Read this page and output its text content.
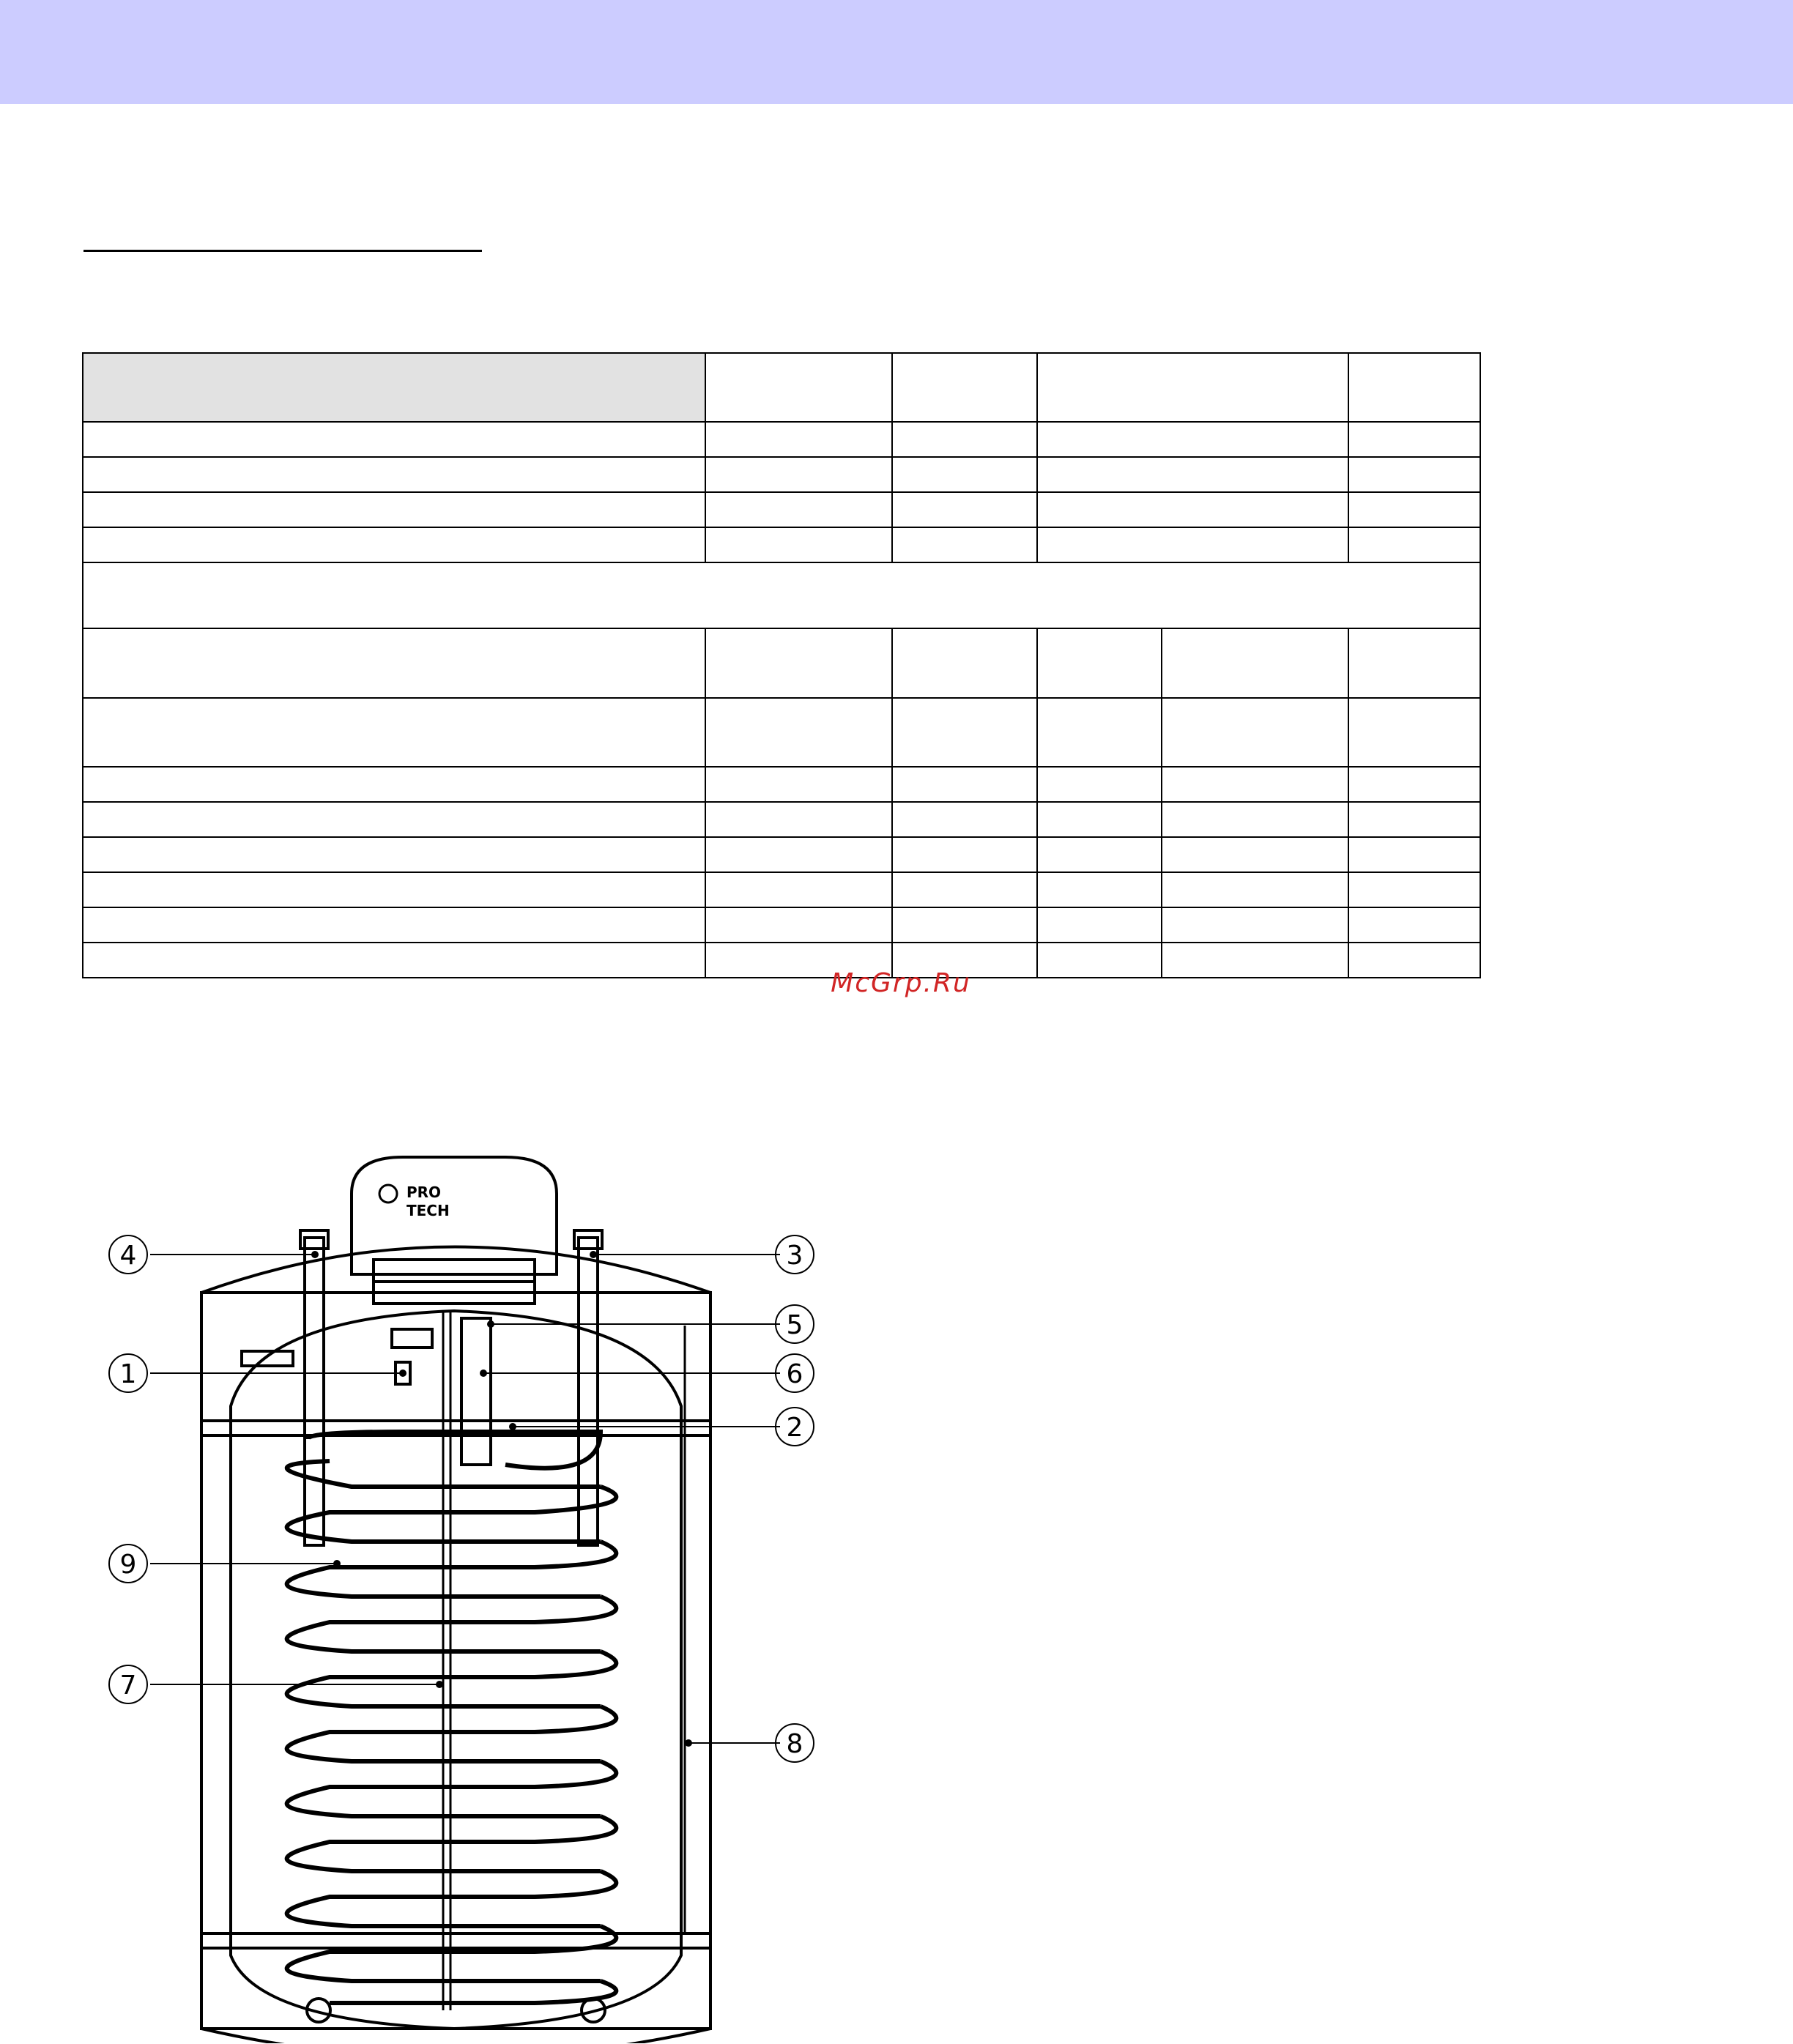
McGrp.Ru
PRO
TECH
4	3
5
1	6
2
9
7
8
